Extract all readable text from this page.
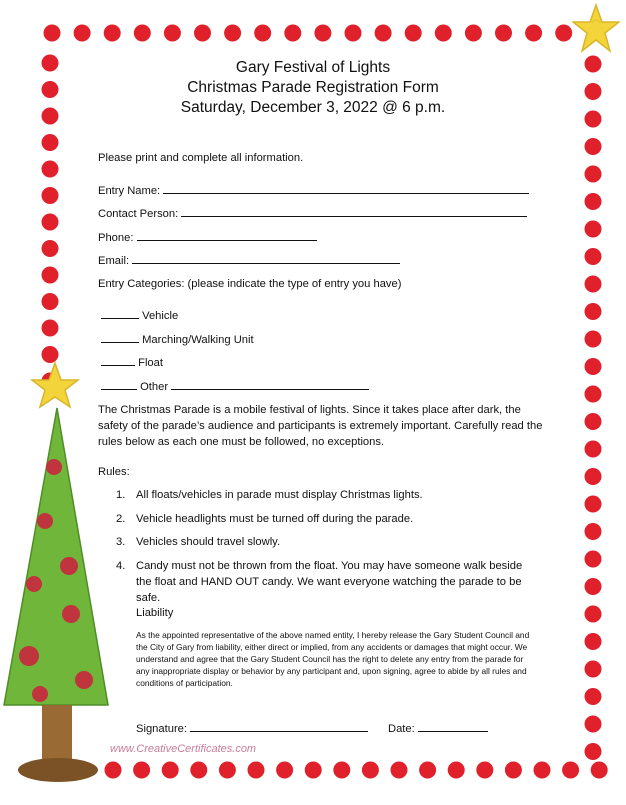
Gary Festival of Lights
Christmas Parade Registration Form
Saturday, December 3, 2022 @ 6 p.m.
Please print and complete all information.
Entry Name:
Contact Person:
Phone:
Email:
Entry Categories: (please indicate the type of entry you have)
Vehicle
Marching/Walking Unit
Float
Other
The Christmas Parade is a mobile festival of lights. Since it takes place after dark, the safety of the parade’s audience and participants is extremely important. Carefully read the rules below as each one must be followed, no exceptions.
Rules:
1. All floats/vehicles in parade must display Christmas lights.
2. Vehicle headlights must be turned off during the parade.
3. Vehicles should travel slowly.
4. Candy must not be thrown from the float. You may have someone walk beside the float and HAND OUT candy. We want everyone watching the parade to be safe.
Liability
As the appointed representative of the above named entity, I hereby release the Gary Student Council and the City of Gary from liability, either direct or implied, from any accidents or damages that might occur. We understand and agree that the Gary Student Council has the right to delete any entry from the parade for any inappropriate display or behavior by any participant and, upon signing, agree to abide by all rules and conditions of participation.
Signature:	Date:
www.CreativeCertificates.com
